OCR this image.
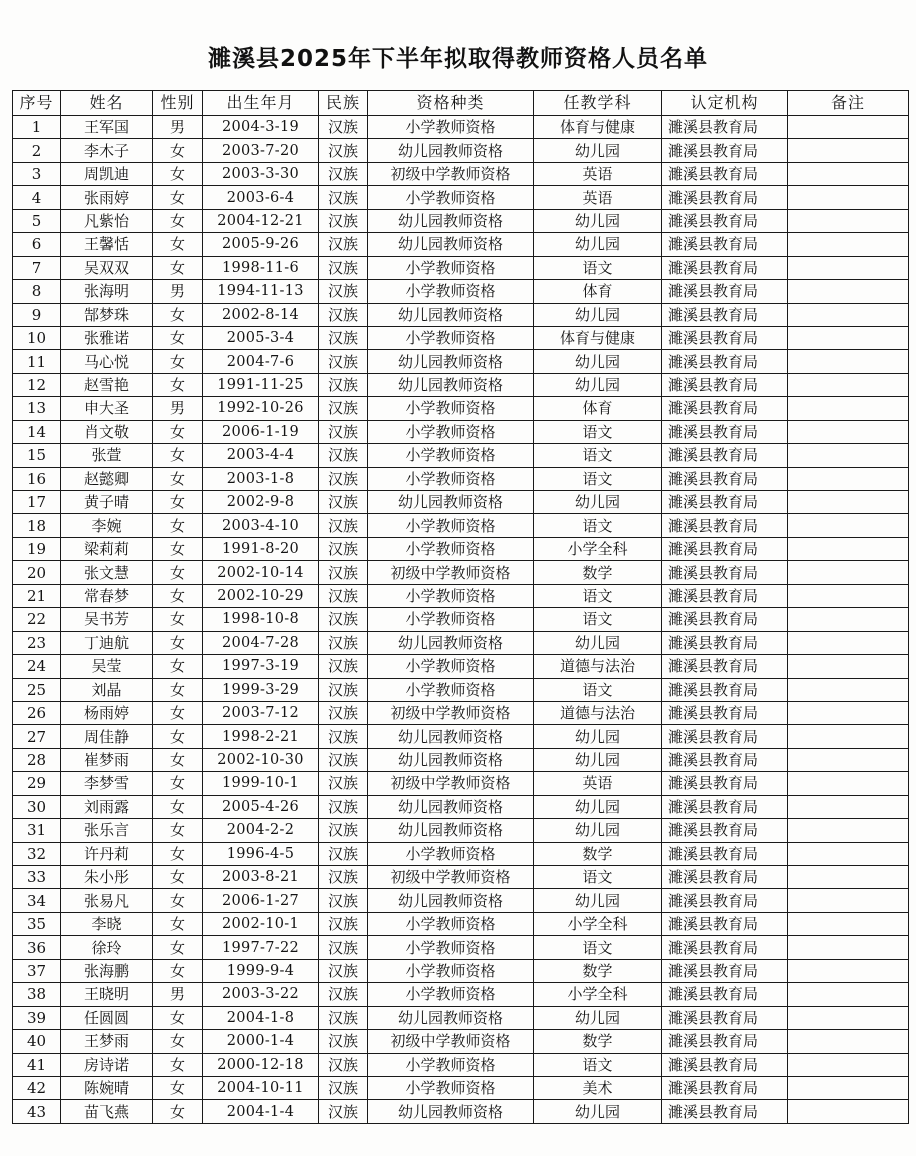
濉溪县2025年下半年拟取得教师资格人员名单
序号	姓名	性别	出生年月	民族	资格种类	任教学科	认定机构	备注
1	王军国	男	2004-3-19	汉族	小学教师资格	体育与健康	濉溪县教育局	
2	李木子	女	2003-7-20	汉族	幼儿园教师资格	幼儿园	濉溪县教育局	
3	周凯迪	女	2003-3-30	汉族	初级中学教师资格	英语	濉溪县教育局	
4	张雨婷	女	2003-6-4	汉族	小学教师资格	英语	濉溪县教育局	
5	凡紫怡	女	2004-12-21	汉族	幼儿园教师资格	幼儿园	濉溪县教育局	
6	王馨恬	女	2005-9-26	汉族	幼儿园教师资格	幼儿园	濉溪县教育局	
7	吴双双	女	1998-11-6	汉族	小学教师资格	语文	濉溪县教育局	
8	张海明	男	1994-11-13	汉族	小学教师资格	体育	濉溪县教育局	
9	郜梦珠	女	2002-8-14	汉族	幼儿园教师资格	幼儿园	濉溪县教育局	
10	张雅诺	女	2005-3-4	汉族	小学教师资格	体育与健康	濉溪县教育局	
11	马心悦	女	2004-7-6	汉族	幼儿园教师资格	幼儿园	濉溪县教育局	
12	赵雪艳	女	1991-11-25	汉族	幼儿园教师资格	幼儿园	濉溪县教育局	
13	申大圣	男	1992-10-26	汉族	小学教师资格	体育	濉溪县教育局	
14	肖文敬	女	2006-1-19	汉族	小学教师资格	语文	濉溪县教育局	
15	张萱	女	2003-4-4	汉族	小学教师资格	语文	濉溪县教育局	
16	赵懿卿	女	2003-1-8	汉族	小学教师资格	语文	濉溪县教育局	
17	黄子晴	女	2002-9-8	汉族	幼儿园教师资格	幼儿园	濉溪县教育局	
18	李婉	女	2003-4-10	汉族	小学教师资格	语文	濉溪县教育局	
19	梁莉莉	女	1991-8-20	汉族	小学教师资格	小学全科	濉溪县教育局	
20	张文慧	女	2002-10-14	汉族	初级中学教师资格	数学	濉溪县教育局	
21	常春梦	女	2002-10-29	汉族	小学教师资格	语文	濉溪县教育局	
22	吴书芳	女	1998-10-8	汉族	小学教师资格	语文	濉溪县教育局	
23	丁迪航	女	2004-7-28	汉族	幼儿园教师资格	幼儿园	濉溪县教育局	
24	吴莹	女	1997-3-19	汉族	小学教师资格	道德与法治	濉溪县教育局	
25	刘晶	女	1999-3-29	汉族	小学教师资格	语文	濉溪县教育局	
26	杨雨婷	女	2003-7-12	汉族	初级中学教师资格	道德与法治	濉溪县教育局	
27	周佳静	女	1998-2-21	汉族	幼儿园教师资格	幼儿园	濉溪县教育局	
28	崔梦雨	女	2002-10-30	汉族	幼儿园教师资格	幼儿园	濉溪县教育局	
29	李梦雪	女	1999-10-1	汉族	初级中学教师资格	英语	濉溪县教育局	
30	刘雨露	女	2005-4-26	汉族	幼儿园教师资格	幼儿园	濉溪县教育局	
31	张乐言	女	2004-2-2	汉族	幼儿园教师资格	幼儿园	濉溪县教育局	
32	许丹莉	女	1996-4-5	汉族	小学教师资格	数学	濉溪县教育局	
33	朱小彤	女	2003-8-21	汉族	初级中学教师资格	语文	濉溪县教育局	
34	张易凡	女	2006-1-27	汉族	幼儿园教师资格	幼儿园	濉溪县教育局	
35	李晓	女	2002-10-1	汉族	小学教师资格	小学全科	濉溪县教育局	
36	徐玲	女	1997-7-22	汉族	小学教师资格	语文	濉溪县教育局	
37	张海鹏	女	1999-9-4	汉族	小学教师资格	数学	濉溪县教育局	
38	王晓明	男	2003-3-22	汉族	小学教师资格	小学全科	濉溪县教育局	
39	任圆圆	女	2004-1-8	汉族	幼儿园教师资格	幼儿园	濉溪县教育局	
40	王梦雨	女	2000-1-4	汉族	初级中学教师资格	数学	濉溪县教育局	
41	房诗诺	女	2000-12-18	汉族	小学教师资格	语文	濉溪县教育局	
42	陈婉晴	女	2004-10-11	汉族	小学教师资格	美术	濉溪县教育局	
43	苗飞燕	女	2004-1-4	汉族	幼儿园教师资格	幼儿园	濉溪县教育局	
